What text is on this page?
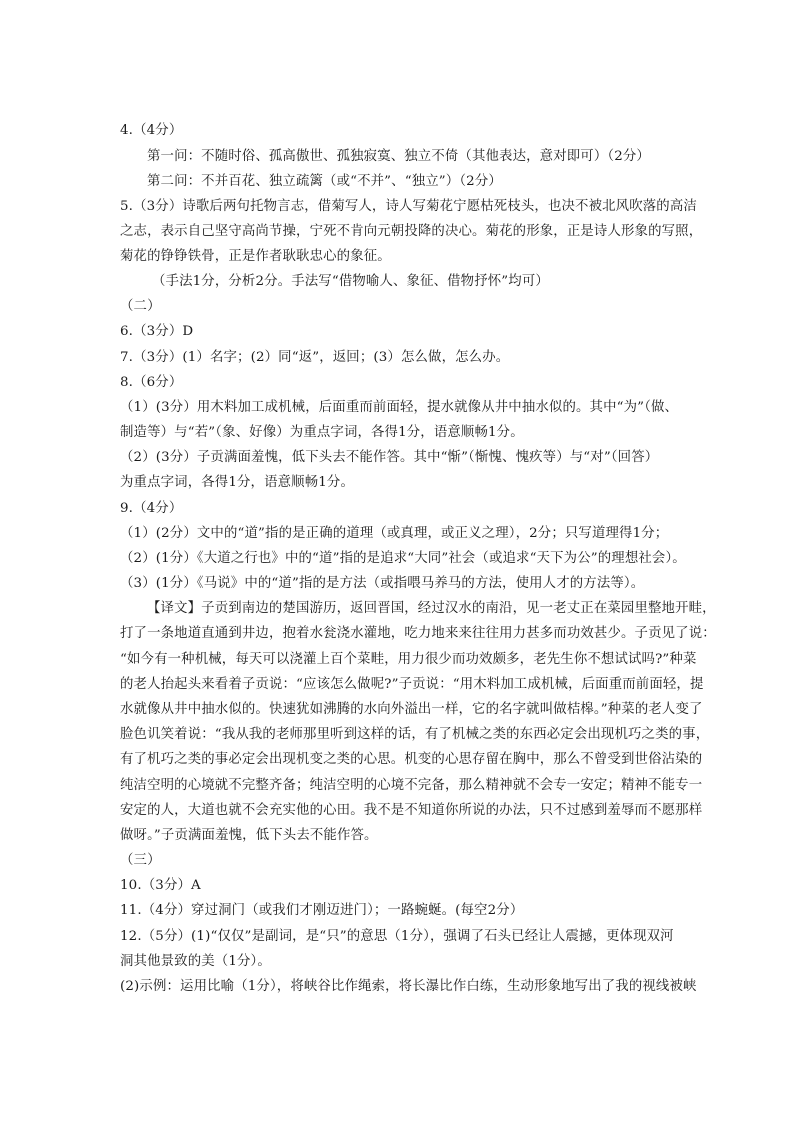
4.（4分）
第一问：不随时俗、孤高傲世、孤独寂寞、独立不倚（其他表达，意对即可）（2分）
第二问：不并百花、独立疏篱（或“不并”、“独立”）（2分）
5.（3分）诗歌后两句托物言志，借菊写人，诗人写菊花宁愿枯死枝头，也决不被北风吹落的高洁
之志，表示自己坚守高尚节操，宁死不肯向元朝投降的决心。菊花的形象，正是诗人形象的写照，
菊花的铮铮铁骨，正是作者耿耿忠心的象征。
（手法1分，分析2分。手法写“借物喻人、象征、借物抒怀”均可）
（二）
6.（3分）D
7.（3分）(1）名字；(2）同“返”，返回；(3）怎么做，怎么办。
8.（6分）
（1）(3分）用木料加工成机械，后面重而前面轻，提水就像从井中抽水似的。其中“为”（做、
制造等）与“若”（象、好像）为重点字词，各得1分，语意顺畅1分。
（2）(3分）子贡满面羞愧，低下头去不能作答。其中“惭”（惭愧、愧疚等）与“对”（回答）
为重点字词，各得1分，语意顺畅1分。
9.（4分）
（1）(2分）文中的“道”指的是正确的道理（或真理，或正义之理），2分；只写道理得1分；
（2）(1分）《大道之行也》中的“道”指的是追求“大同”社会（或追求“天下为公”的理想社会）。
（3）(1分）《马说》中的“道”指的是方法（或指喂马养马的方法，使用人才的方法等）。
【译文】子贡到南边的楚国游历，返回晋国，经过汉水的南沿，见一老丈正在菜园里整地开畦，
打了一条地道直通到井边，抱着水瓮浇水灌地，吃力地来来往往用力甚多而功效甚少。子贡见了说：
“如今有一种机械，每天可以浇灌上百个菜畦，用力很少而功效颇多，老先生你不想试试吗?”种菜
的老人抬起头来看着子贡说：“应该怎么做呢?”子贡说：“用木料加工成机械，后面重而前面轻，提
水就像从井中抽水似的。快速犹如沸腾的水向外溢出一样，它的名字就叫做桔槔。”种菜的老人变了
脸色讥笑着说：“我从我的老师那里听到这样的话，有了机械之类的东西必定会出现机巧之类的事，
有了机巧之类的事必定会出现机变之类的心思。机变的心思存留在胸中，那么不曾受到世俗沾染的
纯洁空明的心境就不完整齐备；纯洁空明的心境不完备，那么精神就不会专一安定；精神不能专一
安定的人，大道也就不会充实他的心田。我不是不知道你所说的办法，只不过感到羞辱而不愿那样
做呀。”子贡满面羞愧，低下头去不能作答。
（三）
10.（3分）A
11.（4分）穿过洞门（或我们才刚迈进门）；一路蜿蜒。(每空2分）
12.（5分）(1)“仅仅”是副词，是“只”的意思（1分），强调了石头已经让人震撼，更体现双河
洞其他景致的美（1分）。
(2)示例：运用比喻（1分），将峡谷比作绳索，将长瀑比作白练，生动形象地写出了我的视线被峡
